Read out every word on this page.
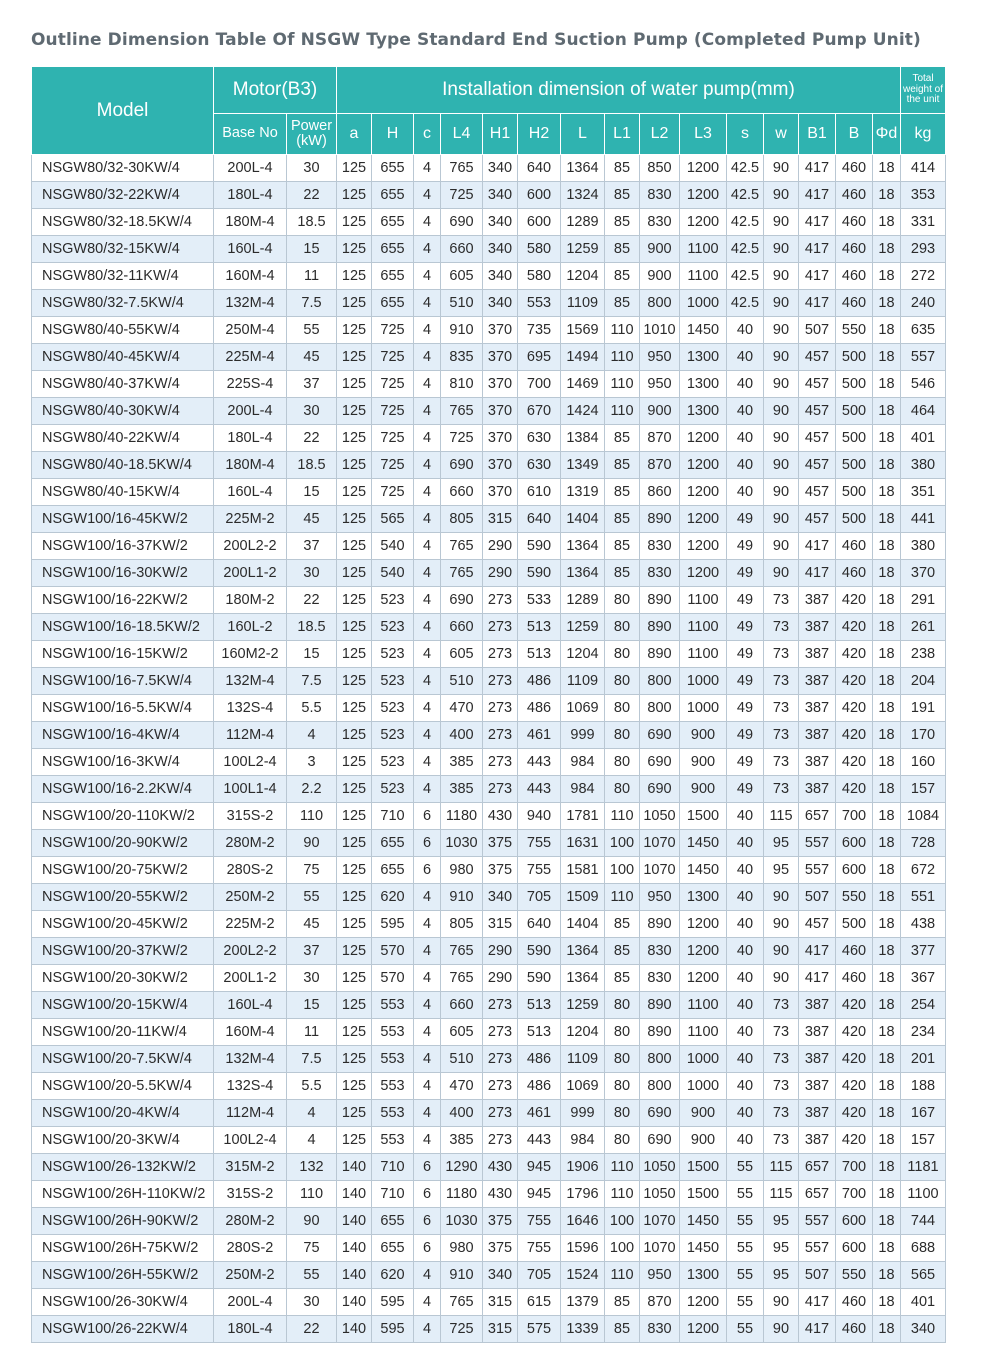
Outline Dimension Table Of NSGW Type Standard End Suction Pump (Completed Pump Unit)
Model	Motor(B3)		Installation dimension of water pump(mm)															Total weight of the unit
	Base No	Power (kW)	a	H	c	L4	H1	H2	L	L1	L2	L3	s	w	B1	B	Φd	kg
NSGW80/32-30KW/4	200L-4	30	125	655	4	765	340	640	1364	85	850	1200	42.5	90	417	460	18	414
NSGW80/32-22KW/4	180L-4	22	125	655	4	725	340	600	1324	85	830	1200	42.5	90	417	460	18	353
NSGW80/32-18.5KW/4	180M-4	18.5	125	655	4	690	340	600	1289	85	830	1200	42.5	90	417	460	18	331
NSGW80/32-15KW/4	160L-4	15	125	655	4	660	340	580	1259	85	900	1100	42.5	90	417	460	18	293
NSGW80/32-11KW/4	160M-4	11	125	655	4	605	340	580	1204	85	900	1100	42.5	90	417	460	18	272
NSGW80/32-7.5KW/4	132M-4	7.5	125	655	4	510	340	553	1109	85	800	1000	42.5	90	417	460	18	240
NSGW80/40-55KW/4	250M-4	55	125	725	4	910	370	735	1569	110	1010	1450	40	90	507	550	18	635
NSGW80/40-45KW/4	225M-4	45	125	725	4	835	370	695	1494	110	950	1300	40	90	457	500	18	557
NSGW80/40-37KW/4	225S-4	37	125	725	4	810	370	700	1469	110	950	1300	40	90	457	500	18	546
NSGW80/40-30KW/4	200L-4	30	125	725	4	765	370	670	1424	110	900	1300	40	90	457	500	18	464
NSGW80/40-22KW/4	180L-4	22	125	725	4	725	370	630	1384	85	870	1200	40	90	457	500	18	401
NSGW80/40-18.5KW/4	180M-4	18.5	125	725	4	690	370	630	1349	85	870	1200	40	90	457	500	18	380
NSGW80/40-15KW/4	160L-4	15	125	725	4	660	370	610	1319	85	860	1200	40	90	457	500	18	351
NSGW100/16-45KW/2	225M-2	45	125	565	4	805	315	640	1404	85	890	1200	49	90	457	500	18	441
NSGW100/16-37KW/2	200L2-2	37	125	540	4	765	290	590	1364	85	830	1200	49	90	417	460	18	380
NSGW100/16-30KW/2	200L1-2	30	125	540	4	765	290	590	1364	85	830	1200	49	90	417	460	18	370
NSGW100/16-22KW/2	180M-2	22	125	523	4	690	273	533	1289	80	890	1100	49	73	387	420	18	291
NSGW100/16-18.5KW/2	160L-2	18.5	125	523	4	660	273	513	1259	80	890	1100	49	73	387	420	18	261
NSGW100/16-15KW/2	160M2-2	15	125	523	4	605	273	513	1204	80	890	1100	49	73	387	420	18	238
NSGW100/16-7.5KW/4	132M-4	7.5	125	523	4	510	273	486	1109	80	800	1000	49	73	387	420	18	204
NSGW100/16-5.5KW/4	132S-4	5.5	125	523	4	470	273	486	1069	80	800	1000	49	73	387	420	18	191
NSGW100/16-4KW/4	112M-4	4	125	523	4	400	273	461	999	80	690	900	49	73	387	420	18	170
NSGW100/16-3KW/4	100L2-4	3	125	523	4	385	273	443	984	80	690	900	49	73	387	420	18	160
NSGW100/16-2.2KW/4	100L1-4	2.2	125	523	4	385	273	443	984	80	690	900	49	73	387	420	18	157
NSGW100/20-110KW/2	315S-2	110	125	710	6	1180	430	940	1781	110	1050	1500	40	115	657	700	18	1084
NSGW100/20-90KW/2	280M-2	90	125	655	6	1030	375	755	1631	100	1070	1450	40	95	557	600	18	728
NSGW100/20-75KW/2	280S-2	75	125	655	6	980	375	755	1581	100	1070	1450	40	95	557	600	18	672
NSGW100/20-55KW/2	250M-2	55	125	620	4	910	340	705	1509	110	950	1300	40	90	507	550	18	551
NSGW100/20-45KW/2	225M-2	45	125	595	4	805	315	640	1404	85	890	1200	40	90	457	500	18	438
NSGW100/20-37KW/2	200L2-2	37	125	570	4	765	290	590	1364	85	830	1200	40	90	417	460	18	377
NSGW100/20-30KW/2	200L1-2	30	125	570	4	765	290	590	1364	85	830	1200	40	90	417	460	18	367
NSGW100/20-15KW/4	160L-4	15	125	553	4	660	273	513	1259	80	890	1100	40	73	387	420	18	254
NSGW100/20-11KW/4	160M-4	11	125	553	4	605	273	513	1204	80	890	1100	40	73	387	420	18	234
NSGW100/20-7.5KW/4	132M-4	7.5	125	553	4	510	273	486	1109	80	800	1000	40	73	387	420	18	201
NSGW100/20-5.5KW/4	132S-4	5.5	125	553	4	470	273	486	1069	80	800	1000	40	73	387	420	18	188
NSGW100/20-4KW/4	112M-4	4	125	553	4	400	273	461	999	80	690	900	40	73	387	420	18	167
NSGW100/20-3KW/4	100L2-4	4	125	553	4	385	273	443	984	80	690	900	40	73	387	420	18	157
NSGW100/26-132KW/2	315M-2	132	140	710	6	1290	430	945	1906	110	1050	1500	55	115	657	700	18	1181
NSGW100/26H-110KW/2	315S-2	110	140	710	6	1180	430	945	1796	110	1050	1500	55	115	657	700	18	1100
NSGW100/26H-90KW/2	280M-2	90	140	655	6	1030	375	755	1646	100	1070	1450	55	95	557	600	18	744
NSGW100/26H-75KW/2	280S-2	75	140	655	6	980	375	755	1596	100	1070	1450	55	95	557	600	18	688
NSGW100/26H-55KW/2	250M-2	55	140	620	4	910	340	705	1524	110	950	1300	55	95	507	550	18	565
NSGW100/26-30KW/4	200L-4	30	140	595	4	765	315	615	1379	85	870	1200	55	90	417	460	18	401
NSGW100/26-22KW/4	180L-4	22	140	595	4	725	315	575	1339	85	830	1200	55	90	417	460	18	340
